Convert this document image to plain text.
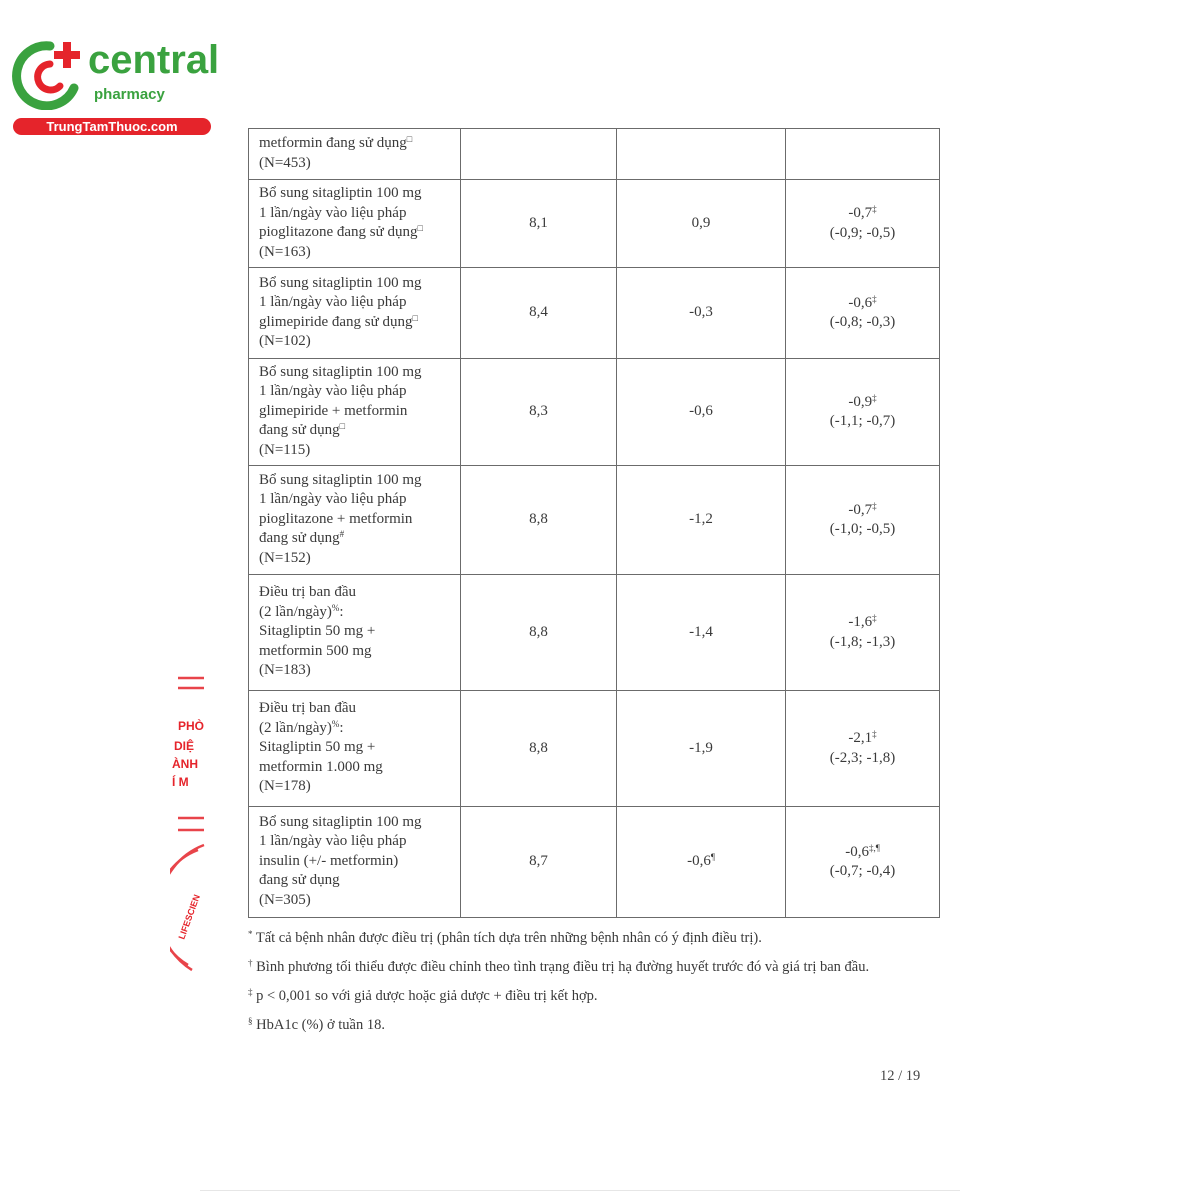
central
pharmacy
TrungTamThuoc.com
PHÒ
DIỆ
ÀNH
Í M
LIFESCIEN
metformin đang sử dụng□
(N=453)			

Bổ sung sitagliptin 100 mg
1 lần/ngày vào liệu pháp
pioglitazone đang sử dụng□
(N=163)	8,1	0,9	-0,7‡
(-0,9; -0,5)

Bổ sung sitagliptin 100 mg
1 lần/ngày vào liệu pháp
glimepiride đang sử dụng□
(N=102)	8,4	-0,3	-0,6‡
(-0,8; -0,3)

Bổ sung sitagliptin 100 mg
1 lần/ngày vào liệu pháp
glimepiride + metformin
đang sử dụng□
(N=115)	8,3	-0,6	-0,9‡
(-1,1; -0,7)

Bổ sung sitagliptin 100 mg
1 lần/ngày vào liệu pháp
pioglitazone + metformin
đang sử dụng#
(N=152)	8,8	-1,2	-0,7‡
(-1,0; -0,5)

Điều trị ban đầu
(2 lần/ngày)%:
Sitagliptin 50 mg +
metformin 500 mg
(N=183)	8,8	-1,4	-1,6‡
(-1,8; -1,3)

Điều trị ban đầu
(2 lần/ngày)%:
Sitagliptin 50 mg +
metformin 1.000 mg
(N=178)	8,8	-1,9	-2,1‡
(-2,3; -1,8)

Bổ sung sitagliptin 100 mg
1 lần/ngày vào liệu pháp
insulin (+/- metformin)
đang sử dụng
(N=305)	8,7	-0,6¶	-0,6‡,¶
(-0,7; -0,4)

* Tất cả bệnh nhân được điều trị (phân tích dựa trên những bệnh nhân có ý định điều trị).

† Bình phương tối thiểu được điều chỉnh theo tình trạng điều trị hạ đường huyết trước đó và giá trị ban đầu.

‡ p < 0,001 so với giả dược hoặc giả dược + điều trị kết hợp.

§ HbA1c (%) ở tuần 18.

12 / 19
